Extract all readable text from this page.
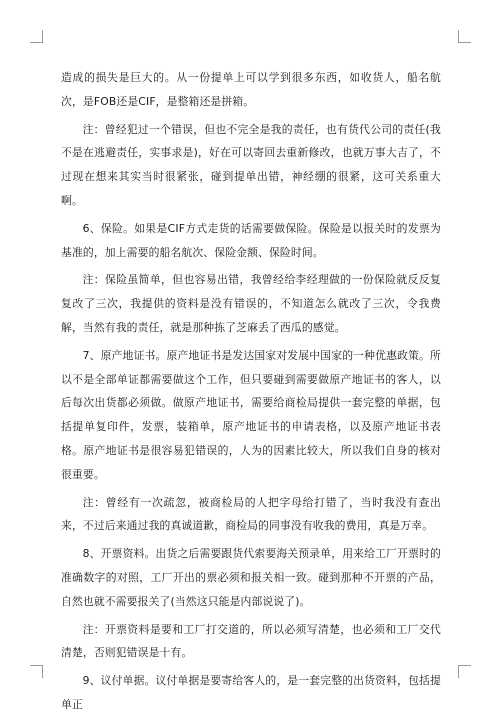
造成的损失是巨大的。从一份提单上可以学到很多东西，如收货人，船名航次，是FOB还是CIF，是整箱还是拼箱。

注：曾经犯过一个错误，但也不完全是我的责任，也有货代公司的责任(我不是在逃避责任，实事求是)，好在可以寄回去重新修改，也就万事大吉了，不过现在想来其实当时很紧张，碰到提单出错，神经绷的很紧，这可关系重大啊。

6、保险。如果是CIF方式走货的话需要做保险。保险是以报关时的发票为基准的，加上需要的船名航次、保险金额、保险时间。

注：保险虽简单，但也容易出错，我曾经给李经理做的一份保险就反反复复改了三次，我提供的资料是没有错误的，不知道怎么就改了三次，令我费解，当然有我的责任，就是那种拣了芝麻丢了西瓜的感觉。

7、原产地证书。原产地证书是发达国家对发展中国家的一种优惠政策。所以不是全部单证都需要做这个工作，但只要碰到需要做原产地证书的客人，以后每次出货都必须做。做原产地证书，需要给商检局提供一套完整的单据，包括提单复印件，发票，装箱单，原产地证书的申请表格，以及原产地证书表格。原产地证书是很容易犯错误的，人为的因素比较大，所以我们自身的核对很重要。

注：曾经有一次疏忽，被商检局的人把字母给打错了，当时我没有查出来，不过后来通过我的真诚道歉，商检局的同事没有收我的费用，真是万幸。

8、开票资料。出货之后需要跟货代索要海关预录单，用来给工厂开票时的准确数字的对照，工厂开出的票必须和报关相一致。碰到那种不开票的产品，自然也就不需要报关了(当然这只能是内部说说了)。

注：开票资料是要和工厂打交道的，所以必须写清楚，也必须和工厂交代清楚，否则犯错误是十有。

9、议付单据。议付单据是要寄给客人的，是一套完整的出货资料，包括提单正
